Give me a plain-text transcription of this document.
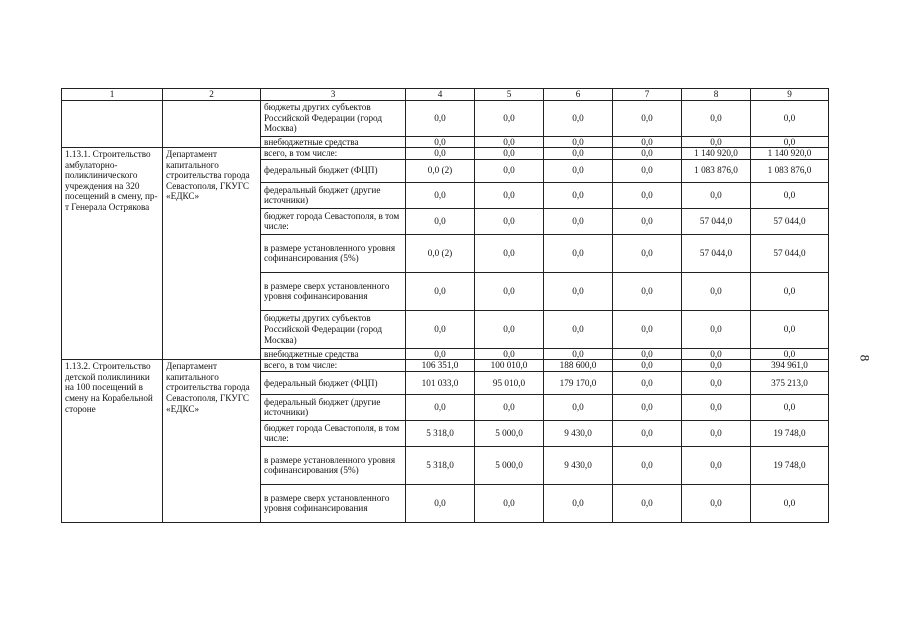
1	2	3	4	5	6	7	8	9
		бюджеты других субъектов Российской Федерации (город Москва)	0,0	0,0	0,0	0,0	0,0	0,0
		внебюджетные средства	0,0	0,0	0,0	0,0	0,0	0,0
1.13.1. Строительство амбулаторно-поликлинического учреждения на 320 посещений в смену, пр-т Генерала Острякова	Департамент капитального строительства города Севастополя, ГКУГС «ЕДКС»	всего, в том числе:	0,0	0,0	0,0	0,0	1 140 920,0	1 140 920,0
		федеральный бюджет (ФЦП)	0,0 (2)	0,0	0,0	0,0	1 083 876,0	1 083 876,0
		федеральный бюджет (другие источники)	0,0	0,0	0,0	0,0	0,0	0,0
		бюджет города Севастополя, в том числе:	0,0	0,0	0,0	0,0	57 044,0	57 044,0
		в размере установленного уровня софинансирования (5%)	0,0 (2)	0,0	0,0	0,0	57 044,0	57 044,0
		в размере сверх установленного уровня софинансирования	0,0	0,0	0,0	0,0	0,0	0,0
		бюджеты других субъектов Российской Федерации (город Москва)	0,0	0,0	0,0	0,0	0,0	0,0
		внебюджетные средства	0,0	0,0	0,0	0,0	0,0	0,0
1.13.2. Строительство детской поликлиники на 100 посещений в смену на Корабельной стороне	Департамент капитального строительства города Севастополя, ГКУГС «ЕДКС»	всего, в том числе:	106 351,0	100 010,0	188 600,0	0,0	0,0	394 961,0
		федеральный бюджет (ФЦП)	101 033,0	95 010,0	179 170,0	0,0	0,0	375 213,0
		федеральный бюджет (другие источники)	0,0	0,0	0,0	0,0	0,0	0,0
		бюджет города Севастополя, в том числе:	5 318,0	5 000,0	9 430,0	0,0	0,0	19 748,0
		в размере установленного уровня софинансирования (5%)	5 318,0	5 000,0	9 430,0	0,0	0,0	19 748,0
		в размере сверх установленного уровня софинансирования	0,0	0,0	0,0	0,0	0,0	0,0
8
